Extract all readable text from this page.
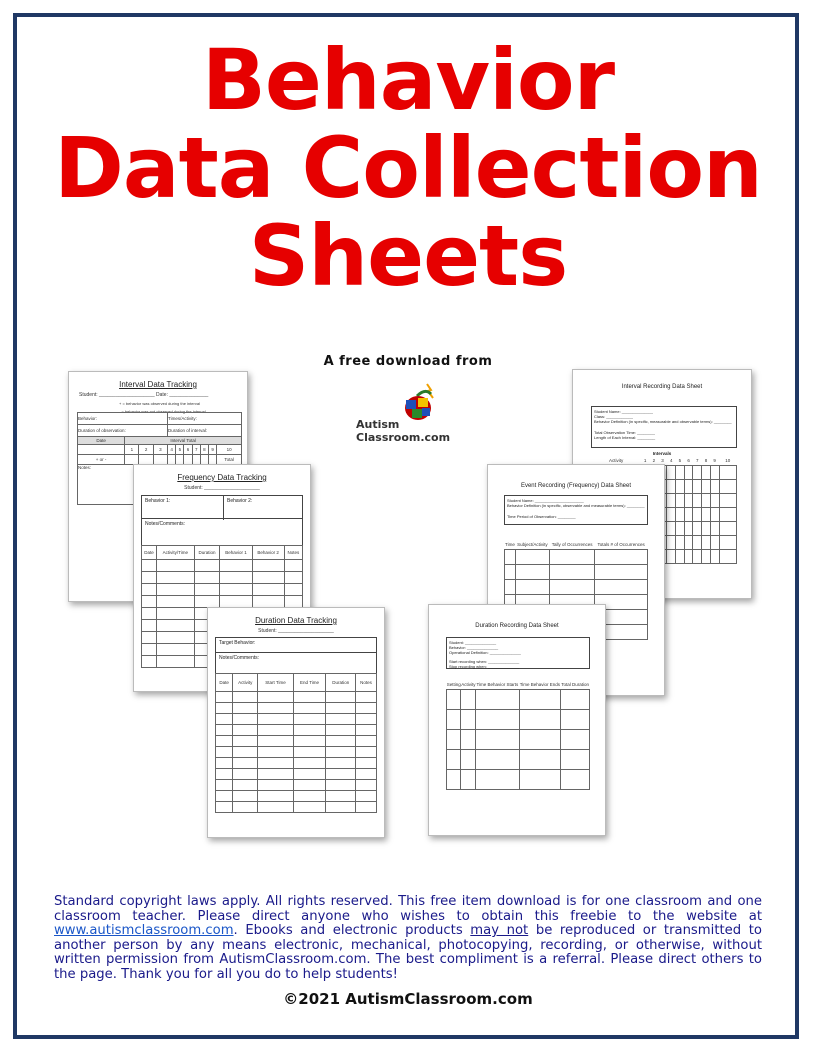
Behavior
Data Collection
Sheets
A free download from
Autism
Classroom.com
Interval Data Tracking
Student: ____________________ Date: ______________
+ = behavior was observed during the interval
- = behavior was not observed during the interval
Behavior:				Times/Activity:						
Duration of observation:				Duration of interval:						
Date	Interval Total									
	1	2	3	4	5	6	7	8	9	10
+ or -										Total
Notes:										
Frequency Data Tracking
Student: ____________________
Behavior 1:	Behavior 2:
Notes/Comments:
Date	Activity/Time	Duration	Behavior 1	Behavior 2	Notes

Duration Data Tracking
Student: ____________________
Target Behavior:
Notes/Comments:
Date	Activity	Start Time	End Time	Duration	Notes

Interval Recording Data Sheet
Student Name: ______________
Class: ____________
Behavior Definition (in specific, measurable and observable terms): ________
Total Observation Time: ________
Length of Each Interval: ________
Intervals
Activity	1	2	3	4	5	6	7	8	9	10

Event Recording (Frequency) Data Sheet
Student Name: ______________________
Behavior Definition (in specific, observable and measurable terms): ________
Time Period of Observation: ________
Time	Subject/Activity	Tally of Occurrences	Totals # of Occurrences

Duration Recording Data Sheet
Student: ______________
Behavior: ______________
Operational Definition: ______________
Start recording when: ______________
Stop recording when: ______________
Setting	Activity	Time Behavior Starts	Time Behavior Ends	Total Duration

Standard copyright laws apply. All rights reserved. This free item download is for one classroom and one classroom teacher. Please direct anyone who wishes to obtain this freebie to the website at www.autismclassroom.com. Ebooks and electronic products may not be reproduced or transmitted to another person by any means electronic, mechanical, photocopying, recording, or otherwise, without written permission from AutismClassroom.com. The best compliment is a referral. Please direct others to the page. Thank you for all you do to help students!
©2021 AutismClassroom.com
